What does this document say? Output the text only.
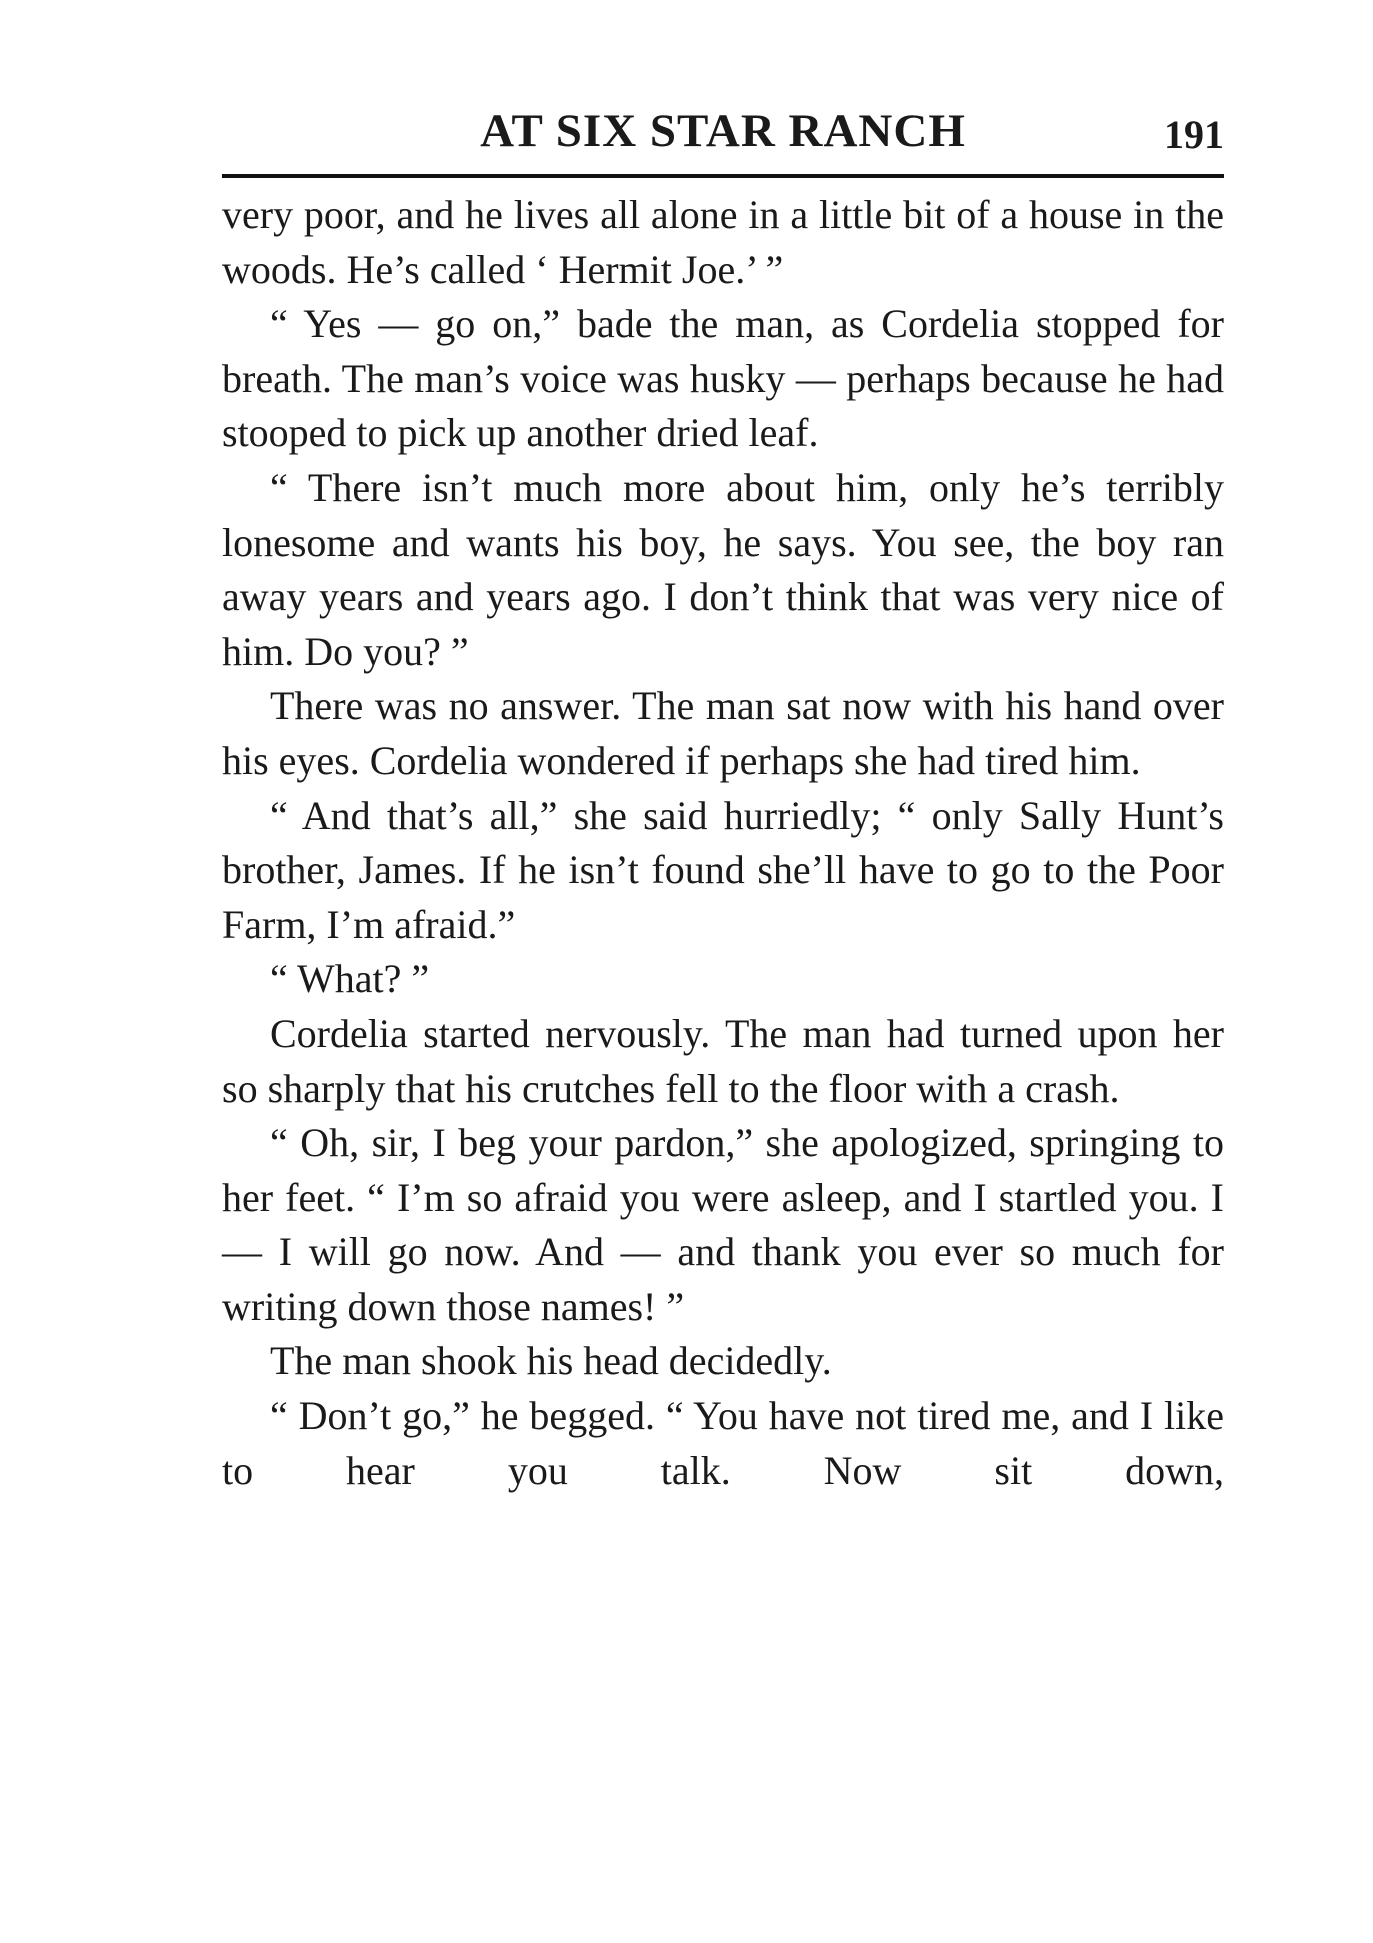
AT SIX STAR RANCH	191

very poor, and he lives all alone in a little bit of a house in the woods. He’s called ‘ Hermit Joe.’ ”

“ Yes — go on,” bade the man, as Cordelia stopped for breath. The man’s voice was husky — perhaps because he had stooped to pick up another dried leaf.

“ There isn’t much more about him, only he’s terribly lonesome and wants his boy, he says. You see, the boy ran away years and years ago. I don’t think that was very nice of him. Do you? ”

There was no answer. The man sat now with his hand over his eyes. Cordelia wondered if perhaps she had tired him.

“ And that’s all,” she said hurriedly; “ only Sally Hunt’s brother, James. If he isn’t found she’ll have to go to the Poor Farm, I’m afraid.”

“ What? ”

Cordelia started nervously. The man had turned upon her so sharply that his crutches fell to the floor with a crash.

“ Oh, sir, I beg your pardon,” she apologized, springing to her feet. “ I’m so afraid you were asleep, and I startled you. I — I will go now. And — and thank you ever so much for writing down those names! ”

The man shook his head decidedly.

“ Don’t go,” he begged. “ You have not tired me, and I like to hear you talk. Now sit down,
